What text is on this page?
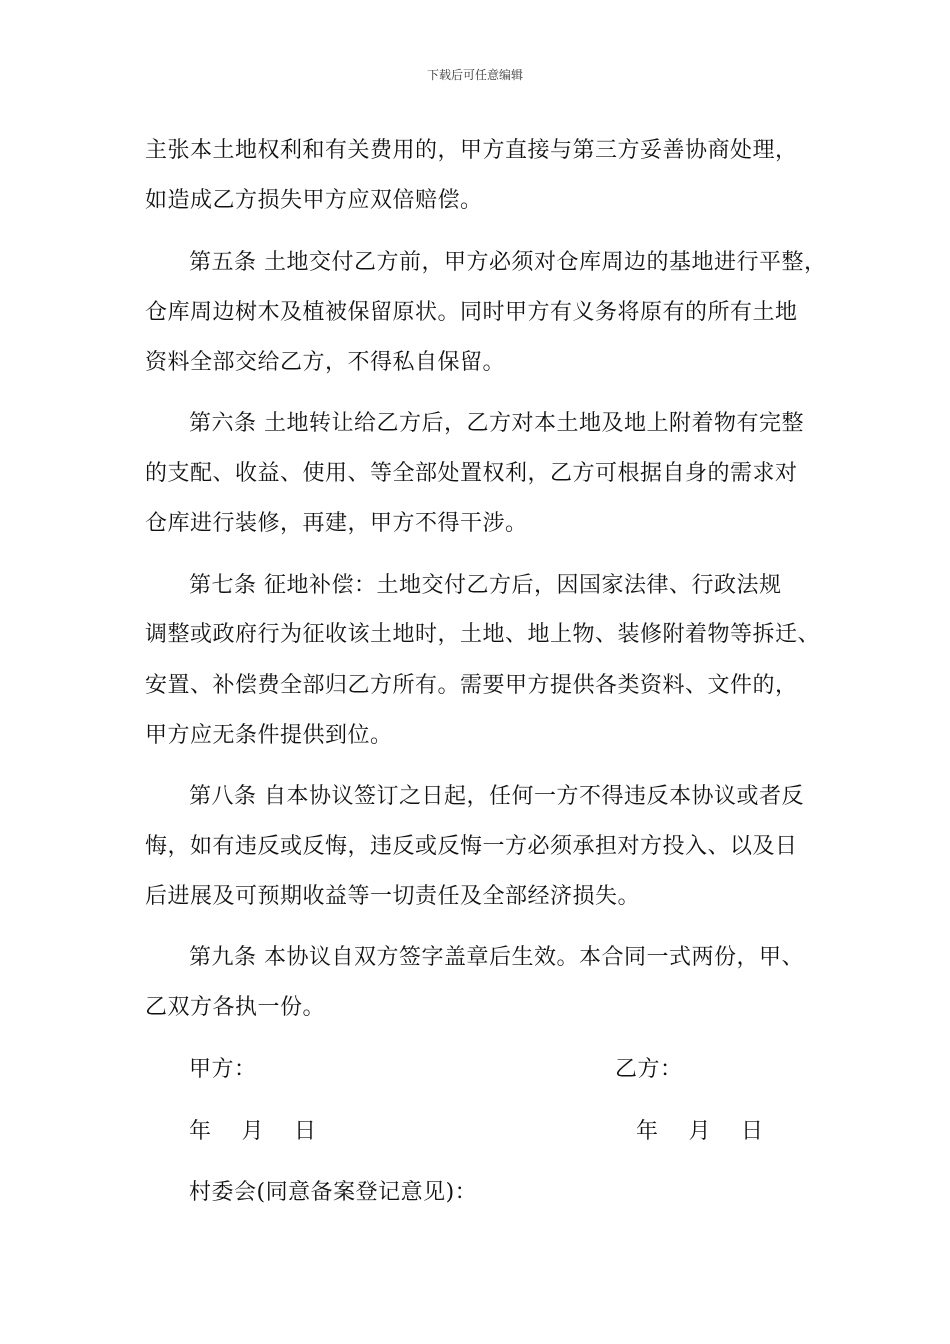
下载后可任意编辑
主张本土地权利和有关费用的，甲方直接与第三方妥善协商处理，
如造成乙方损失甲方应双倍赔偿。
第五条 土地交付乙方前，甲方必须对仓库周边的基地进行平整，
仓库周边树木及植被保留原状。同时甲方有义务将原有的所有土地
资料全部交给乙方，不得私自保留。
第六条 土地转让给乙方后，乙方对本土地及地上附着物有完整
的支配、收益、使用、等全部处置权利，乙方可根据自身的需求对
仓库进行装修，再建，甲方不得干涉。
第七条 征地补偿：土地交付乙方后，因国家法律、行政法规
调整或政府行为征收该土地时，土地、地上物、装修附着物等拆迁、
安置、补偿费全部归乙方所有。需要甲方提供各类资料、文件的，
甲方应无条件提供到位。
第八条 自本协议签订之日起，任何一方不得违反本协议或者反
悔，如有违反或反悔，违反或反悔一方必须承担对方投入、以及日
后进展及可预期收益等一切责任及全部经济损失。
第九条 本协议自双方签字盖章后生效。本合同一式两份，甲、
乙双方各执一份。
甲方：	乙方：
年    月    日	年    月    日
村委会(同意备案登记意见)：
